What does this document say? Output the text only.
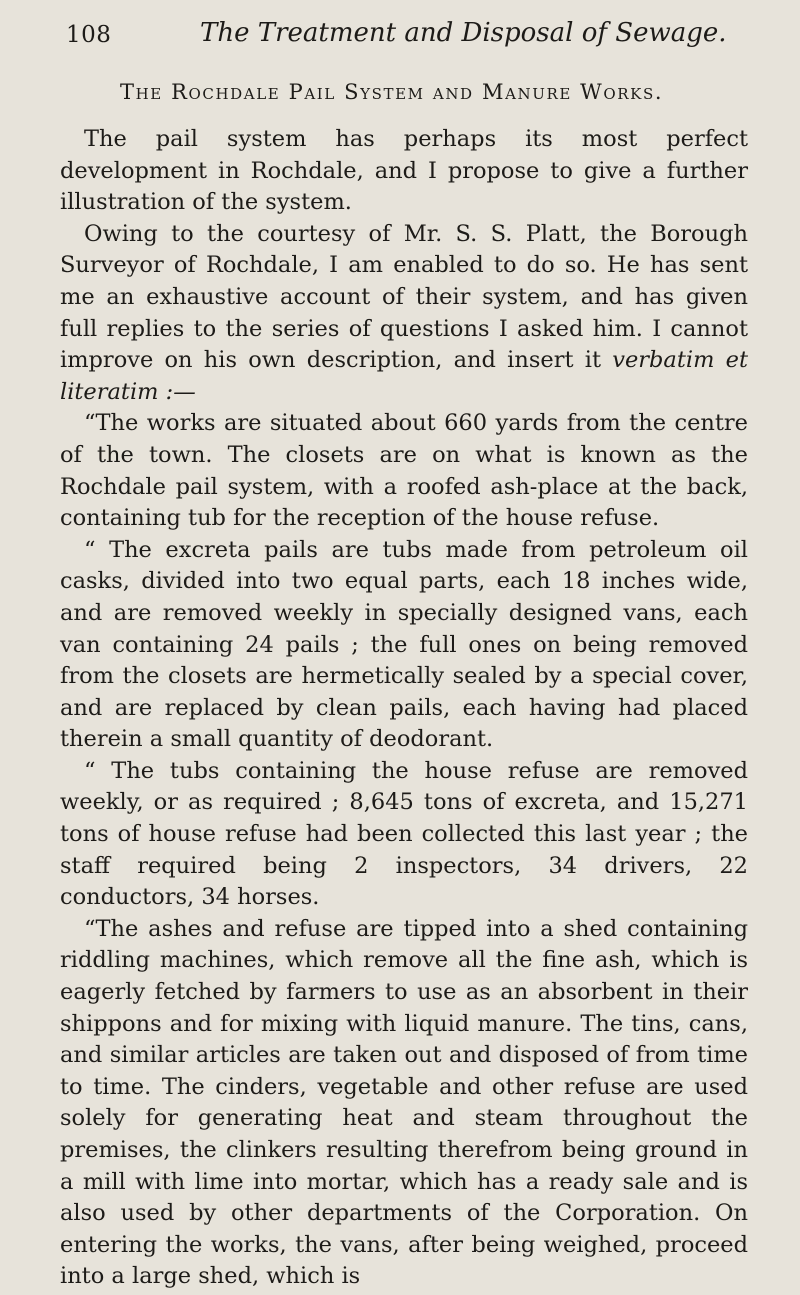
108	The Treatment and Disposal of Sewage.
The Rochdale Pail System and Manure Works.

The pail system has perhaps its most perfect development in Rochdale, and I propose to give a further illustration of the system.

Owing to the courtesy of Mr. S. S. Platt, the Borough Surveyor of Rochdale, I am enabled to do so. He has sent me an exhaustive account of their system, and has given full replies to the series of questions I asked him. I cannot improve on his own description, and insert it verbatim et literatim :—

“The works are situated about 660 yards from the centre of the town. The closets are on what is known as the Rochdale pail system, with a roofed ash-place at the back, containing tub for the reception of the house refuse.

“ The excreta pails are tubs made from petroleum oil casks, divided into two equal parts, each 18 inches wide, and are removed weekly in specially designed vans, each van containing 24 pails ; the full ones on being removed from the closets are hermetically sealed by a special cover, and are replaced by clean pails, each having had placed therein a small quantity of deodorant.

“ The tubs containing the house refuse are removed weekly, or as required ; 8,645 tons of excreta, and 15,271 tons of house refuse had been collected this last year ; the staff required being 2 inspectors, 34 drivers, 22 conductors, 34 horses.

“The ashes and refuse are tipped into a shed containing riddling machines, which remove all the fine ash, which is eagerly fetched by farmers to use as an absorbent in their shippons and for mixing with liquid manure. The tins, cans, and similar articles are taken out and disposed of from time to time. The cinders, vegetable and other refuse are used solely for generating heat and steam throughout the premises, the clinkers resulting therefrom being ground in a mill with lime into mortar, which has a ready sale and is also used by other departments of the Corporation. On entering the works, the vans, after being weighed, proceed into a large shed, which is
